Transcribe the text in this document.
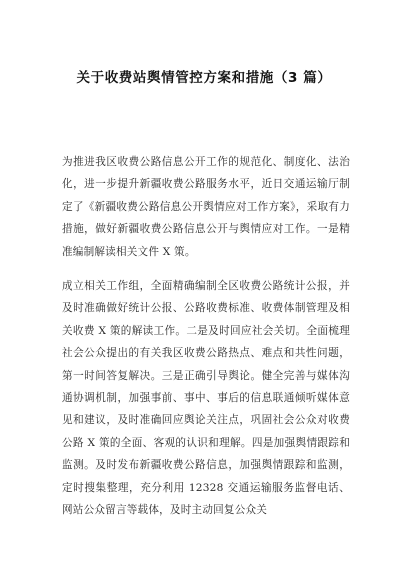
关于收费站舆情管控方案和措施（3 篇）
为推进我区收费公路信息公开工作的规范化、制度化、法治化，进一步提升新疆收费公路服务水平，近日交通运输厅制定了《新疆收费公路信息公开舆情应对工作方案》，采取有力措施，做好新疆收费公路信息公开与舆情应对工作。一是精准编制解读相关文件 X 策。
成立相关工作组，全面精确编制全区收费公路统计公报，并及时准确做好统计公报、公路收费标准、收费体制管理及相关收费 X 策的解读工作。二是及时回应社会关切。全面梳理社会公众提出的有关我区收费公路热点、难点和共性问题，第一时间答复解决。三是正确引导舆论。健全完善与媒体沟通协调机制，加强事前、事中、事后的信息联通倾听媒体意见和建议，及时准确回应舆论关注点，巩固社会公众对收费公路 X 策的全面、客观的认识和理解。四是加强舆情跟踪和监测。及时发布新疆收费公路信息，加强舆情跟踪和监测，定时搜集整理，充分利用 12328 交通运输服务监督电话、网站公众留言等载体，及时主动回复公众关
